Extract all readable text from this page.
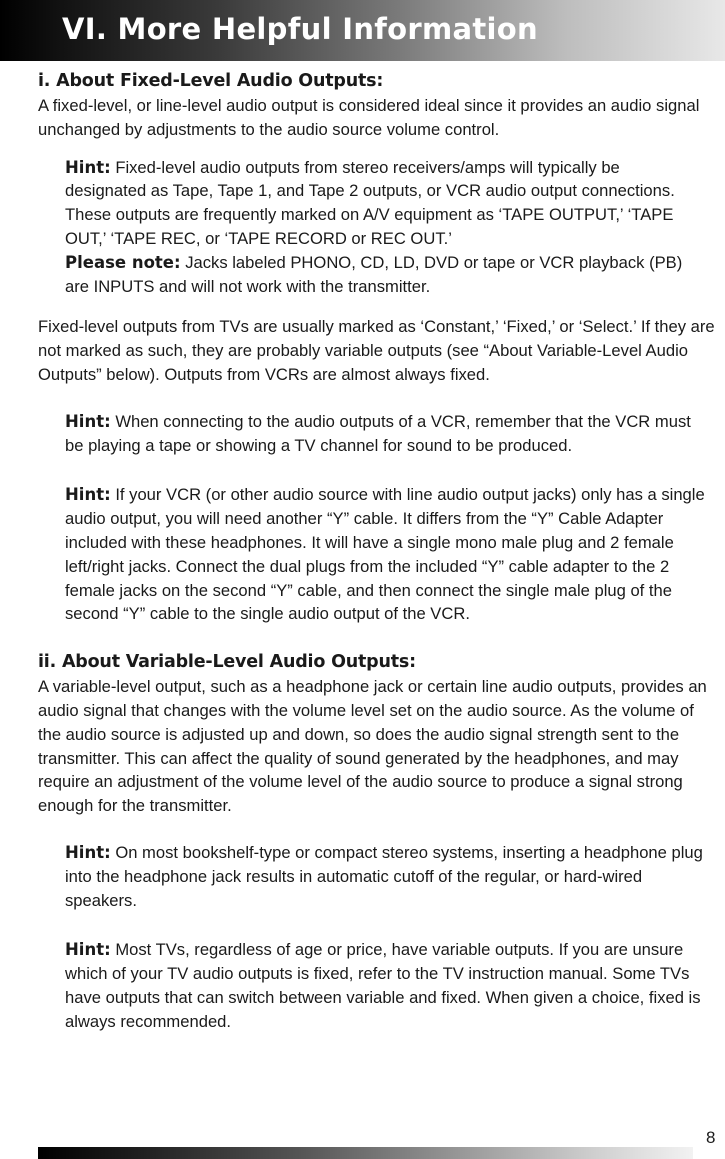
VI. More Helpful Information
i. About Fixed-Level Audio Outputs:

A fixed-level, or line-level audio output is considered ideal since it provides an audio signal unchanged by adjustments to the audio source volume control.

Hint: Fixed-level audio outputs from stereo receivers/amps will typically be designated as Tape, Tape 1, and Tape 2 outputs, or VCR audio output connections. These outputs are frequently marked on A/V equipment as ‘TAPE OUTPUT,’ ‘TAPE OUT,’ ‘TAPE REC, or ‘TAPE RECORD or REC OUT.’

Please note: Jacks labeled PHONO, CD, LD, DVD or tape or VCR playback (PB) are INPUTS and will not work with the transmitter.

Fixed-level outputs from TVs are usually marked as ‘Constant,’ ‘Fixed,’ or ‘Select.’ If they are not marked as such, they are probably variable outputs (see “About Variable-Level Audio Outputs” below). Outputs from VCRs are almost always fixed.

Hint: When connecting to the audio outputs of a VCR, remember that the VCR must be playing a tape or showing a TV channel for sound to be produced.

Hint: If your VCR (or other audio source with line audio output jacks) only has a single audio output, you will need another “Y” cable. It differs from the “Y” Cable Adapter included with these headphones. It will have a single mono male plug and 2 female left/right jacks. Connect the dual plugs from the included “Y” cable adapter to the 2 female jacks on the second “Y” cable, and then connect the single male plug of the second “Y” cable to the single audio output of the VCR.

ii. About Variable-Level Audio Outputs:

A variable-level output, such as a headphone jack or certain line audio outputs, provides an audio signal that changes with the volume level set on the audio source. As the volume of the audio source is adjusted up and down, so does the audio signal strength sent to the transmitter. This can affect the quality of sound generated by the headphones, and may require an adjustment of the volume level of the audio source to produce a signal strong enough for the transmitter.

Hint: On most bookshelf-type or compact stereo systems, inserting a headphone plug into the headphone jack results in automatic cutoff of the regular, or hard-wired speakers.

Hint: Most TVs, regardless of age or price, have variable outputs. If you are unsure which of your TV audio outputs is fixed, refer to the TV instruction manual. Some TVs have outputs that can switch between variable and fixed. When given a choice, fixed is always recommended.

8
